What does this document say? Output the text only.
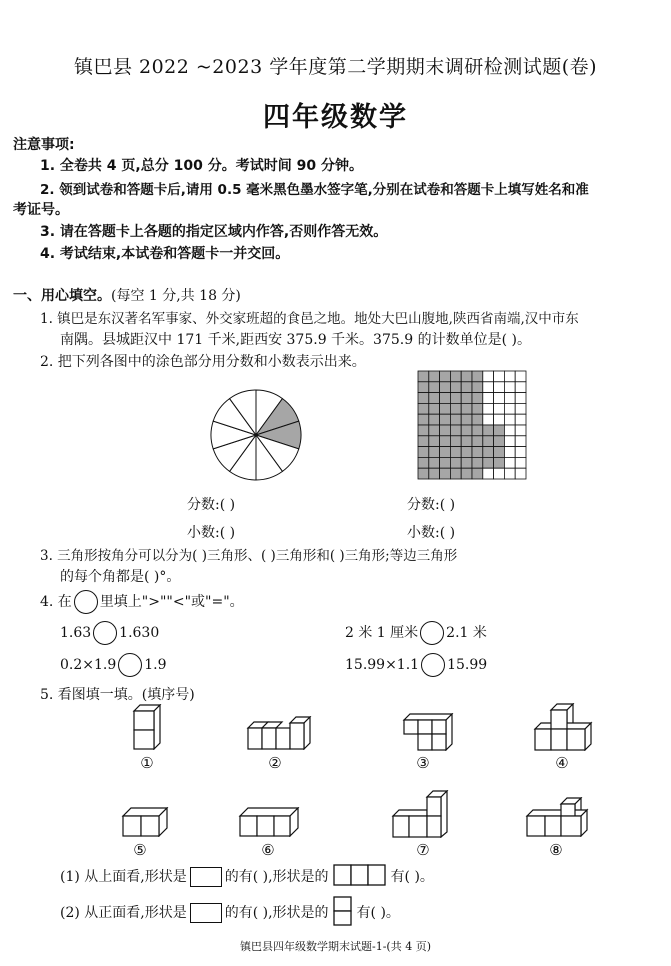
镇巴县 2022 ~2023 学年度第二学期期末调研检测试题(卷)
四年级数学
注意事项:
1. 全卷共 4 页,总分 100 分。考试时间 90 分钟。
2. 领到试卷和答题卡后,请用 0.5 毫米黑色墨水签字笔,分别在试卷和答题卡上填写姓名和准
考证号。
3. 请在答题卡上各题的指定区域内作答,否则作答无效。
4. 考试结束,本试卷和答题卡一并交回。
一、用心填空。(每空 1 分,共 18 分)
1. 镇巴是东汉著名军事家、外交家班超的食邑之地。地处大巴山腹地,陕西省南端,汉中市东
南隅。县城距汉中 171 千米,距西安 375.9 千米。375.9 的计数单位是( )。
2. 把下列各图中的涂色部分用分数和小数表示出来。
分数:( )
小数:( )
分数:( )
小数:( )
3. 三角形按角分可以分为( )三角形、( )三角形和( )三角形;等边三角形
的每个角都是( )°。
4. 在 里填上">""<"或"="。
1.63 1.630	2 米 1 厘米 2.1 米
0.2×1.9 1.9	15.99×1.1 15.99
5. 看图填一填。(填序号)
①	②	③	④
⑤	⑥	⑦	⑧
(1) 从上面看,形状是	的有( ),形状是的	有( )。
(2) 从正面看,形状是	的有( ),形状是的 有( )。
镇巴县四年级数学期末试题-1-(共 4 页)
